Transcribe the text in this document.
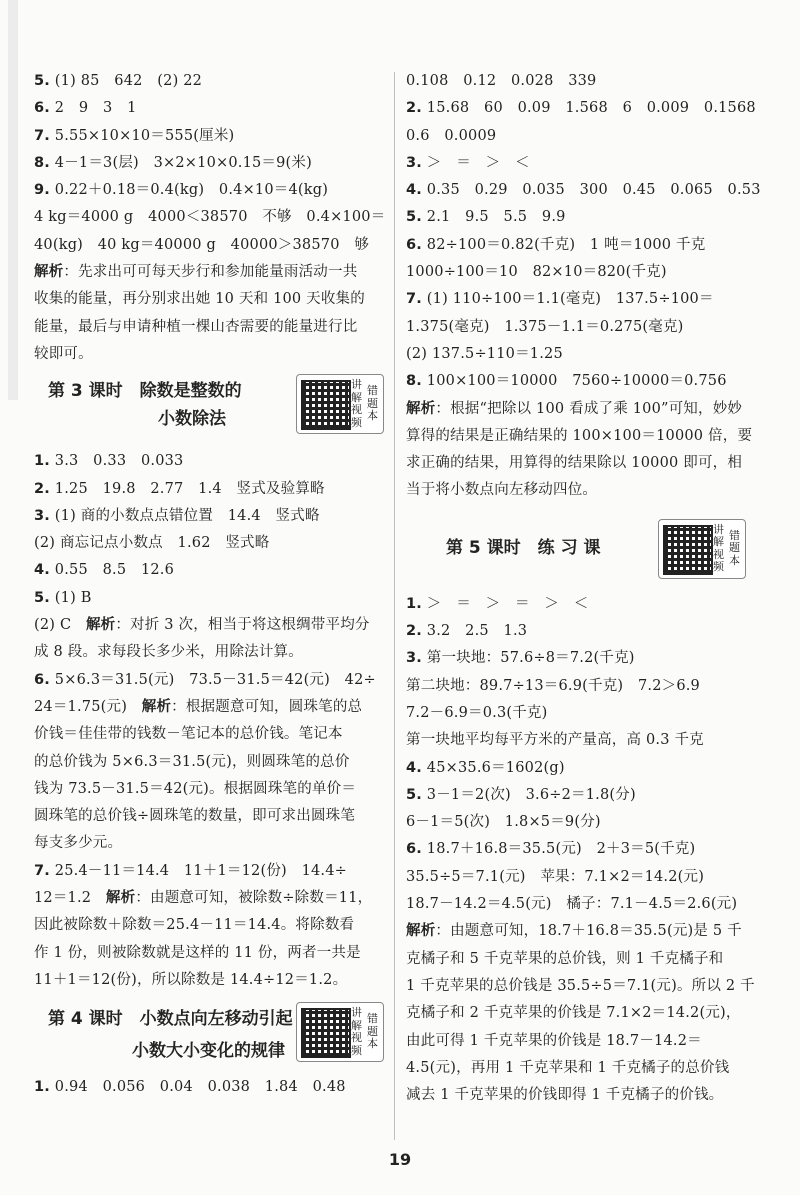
5. (1) 85　642　(2) 22
6. 2　9　3　1
7. 5.55×10×10＝555(厘米)
8. 4－1＝3(层)　3×2×10×0.15＝9(米)
9. 0.22＋0.18＝0.4(kg)　0.4×10＝4(kg)
4 kg＝4000 g　4000＜38570　不够　0.4×100＝
40(kg)　40 kg＝40000 g　40000＞38570　够
解析：先求出可可每天步行和参加能量雨活动一共
收集的能量，再分别求出她 10 天和 100 天收集的
能量，最后与申请种植一棵山杏需要的能量进行比
较即可。
第 3 课时　除数是整数的
小数除法
讲解视频
错题本
1. 3.3　0.33　0.033
2. 1.25　19.8　2.77　1.4　竖式及验算略
3. (1) 商的小数点点错位置　14.4　竖式略
(2) 商忘记点小数点　1.62　竖式略
4. 0.55　8.5　12.6
5. (1) B
(2) C　解析：对折 3 次，相当于将这根绸带平均分
成 8 段。求每段长多少米，用除法计算。
6. 5×6.3＝31.5(元)　73.5－31.5＝42(元)　42÷
24＝1.75(元)　解析：根据题意可知，圆珠笔的总
价钱＝佳佳带的钱数－笔记本的总价钱。笔记本
的总价钱为 5×6.3＝31.5(元)，则圆珠笔的总价
钱为 73.5－31.5＝42(元)。根据圆珠笔的单价＝
圆珠笔的总价钱÷圆珠笔的数量，即可求出圆珠笔
每支多少元。
7. 25.4－11＝14.4　11＋1＝12(份)　14.4÷
12＝1.2　解析：由题意可知，被除数÷除数＝11，
因此被除数＋除数＝25.4－11＝14.4。将除数看
作 1 份，则被除数就是这样的 11 份，两者一共是
11＋1＝12(份)，所以除数是 14.4÷12＝1.2。
第 4 课时　小数点向左移动引起
小数大小变化的规律
讲解视频
错题本
1. 0.94　0.056　0.04　0.038　1.84　0.48
0.108　0.12　0.028　339
2. 15.68　60　0.09　1.568　6　0.009　0.1568
0.6　0.0009
3. ＞　＝　＞　＜
4. 0.35　0.29　0.035　300　0.45　0.065　0.53
5. 2.1　9.5　5.5　9.9
6. 82÷100＝0.82(千克)　1 吨＝1000 千克
1000÷100＝10　82×10＝820(千克)
7. (1) 110÷100＝1.1(毫克)　137.5÷100＝
1.375(毫克)　1.375－1.1＝0.275(毫克)
(2) 137.5÷110＝1.25
8. 100×100＝10000　7560÷10000＝0.756
解析：根据“把除以 100 看成了乘 100”可知，妙妙
算得的结果是正确结果的 100×100＝10000 倍，要
求正确的结果，用算得的结果除以 10000 即可，相
当于将小数点向左移动四位。
第 5 课时　练 习 课
讲解视频
错题本
1. ＞　＝　＞　＝　＞　＜
2. 3.2　2.5　1.3
3. 第一块地：57.6÷8＝7.2(千克)
第二块地：89.7÷13＝6.9(千克)　7.2＞6.9
7.2－6.9＝0.3(千克)
第一块地平均每平方米的产量高，高 0.3 千克
4. 45×35.6＝1602(g)
5. 3－1＝2(次)　3.6÷2＝1.8(分)
6－1＝5(次)　1.8×5＝9(分)
6. 18.7＋16.8＝35.5(元)　2＋3＝5(千克)
35.5÷5＝7.1(元)　苹果：7.1×2＝14.2(元)
18.7－14.2＝4.5(元)　橘子：7.1－4.5＝2.6(元)
解析：由题意可知，18.7＋16.8＝35.5(元)是 5 千
克橘子和 5 千克苹果的总价钱，则 1 千克橘子和
1 千克苹果的总价钱是 35.5÷5＝7.1(元)。所以 2 千
克橘子和 2 千克苹果的价钱是 7.1×2＝14.2(元)，
由此可得 1 千克苹果的价钱是 18.7－14.2＝
4.5(元)，再用 1 千克苹果和 1 千克橘子的总价钱
减去 1 千克苹果的价钱即得 1 千克橘子的价钱。
19
